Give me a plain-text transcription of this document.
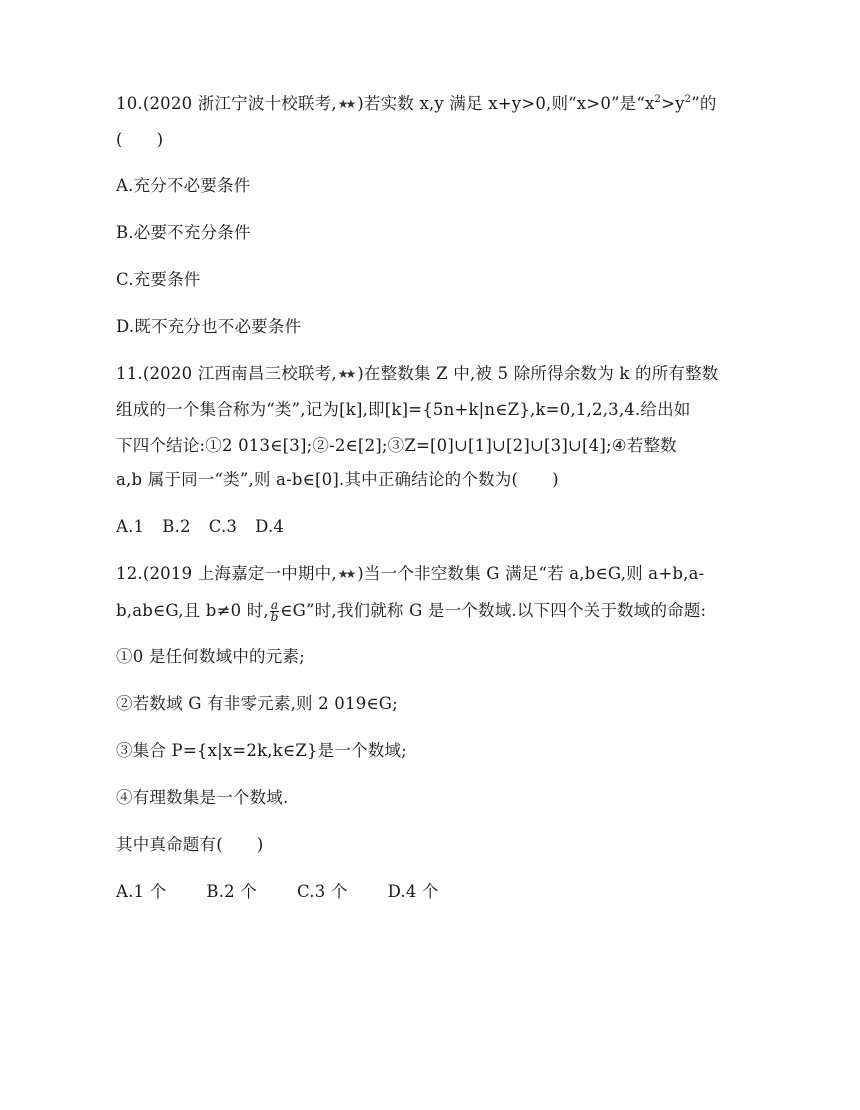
10.(2020 浙江宁波十校联考,★★ )若实数 x,y 满足 x+y>0,则“x>0”是“$x^2>y^2$”的
( )
A.充分不必要条件
B.必要不充分条件
C.充要条件
D.既不充分也不必要条件
11.(2020 江西南昌三校联考,★★ )在整数集 Z 中,被 5 除所得余数为 k 的所有整数
组成的一个集合称为“类”,记为[k],即[k]={5n+k|n∈Z},k=0,1,2,3,4.给出如
下四个结论:①2 013∈[3];②-2∈[2];③Z=[0]∪[1]∪[2]∪[3]∪[4];④若整数
a,b 属于同一“类”,则 a-b∈[0].其中正确结论的个数为( )
A.1 B.2 C.3 D.4
12.(2019 上海嘉定一中期中,★★ )当一个非空数集 G 满足“若 a,b∈G,则 a+b,a-
b,ab∈G,且 b≠0 时, $\frac{a}{b}$ ∈G”时,我们就称 G 是一个数域.以下四个关于数域的命题:
①0 是任何数域中的元素;
②若数域 G 有非零元素,则 2 019∈G;
③集合 P={x|x=2k,k∈Z}是一个数域;
④有理数集是一个数域.
其中真命题有( )
A.1 个 B.2 个 C.3 个 D.4 个
